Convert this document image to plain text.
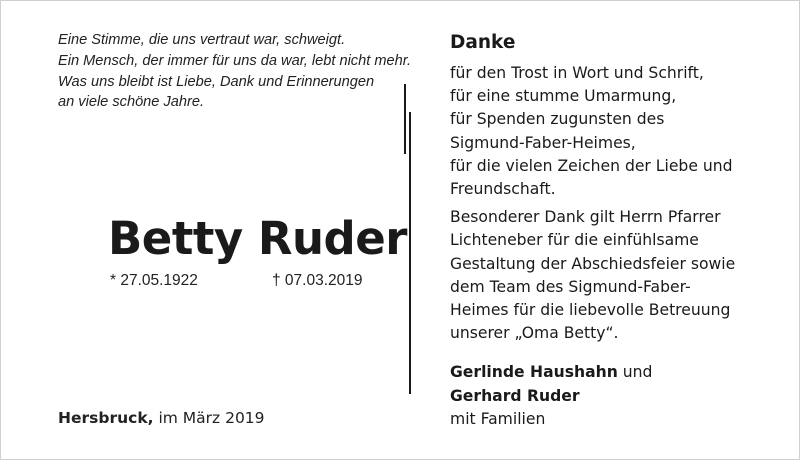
Eine Stimme, die uns vertraut war, schweigt.
Ein Mensch, der immer für uns da war, lebt nicht mehr.
Was uns bleibt ist Liebe, Dank und Erinnerungen
an viele schöne Jahre.
Betty Ruder
* 27.05.1922	† 07.03.2019
Hersbruck, im März 2019
Danke
für den Trost in Wort und Schrift,
für eine stumme Umarmung,
für Spenden zugunsten des
Sigmund-Faber-Heimes,
für die vielen Zeichen der Liebe und
Freundschaft.
Besonderer Dank gilt Herrn Pfarrer
Lichteneber für die einfühlsame
Gestaltung der Abschiedsfeier sowie
dem Team des Sigmund-Faber-
Heimes für die liebevolle Betreuung
unserer „Oma Betty“.
Gerlinde Haushahn und
Gerhard Ruder
mit Familien
